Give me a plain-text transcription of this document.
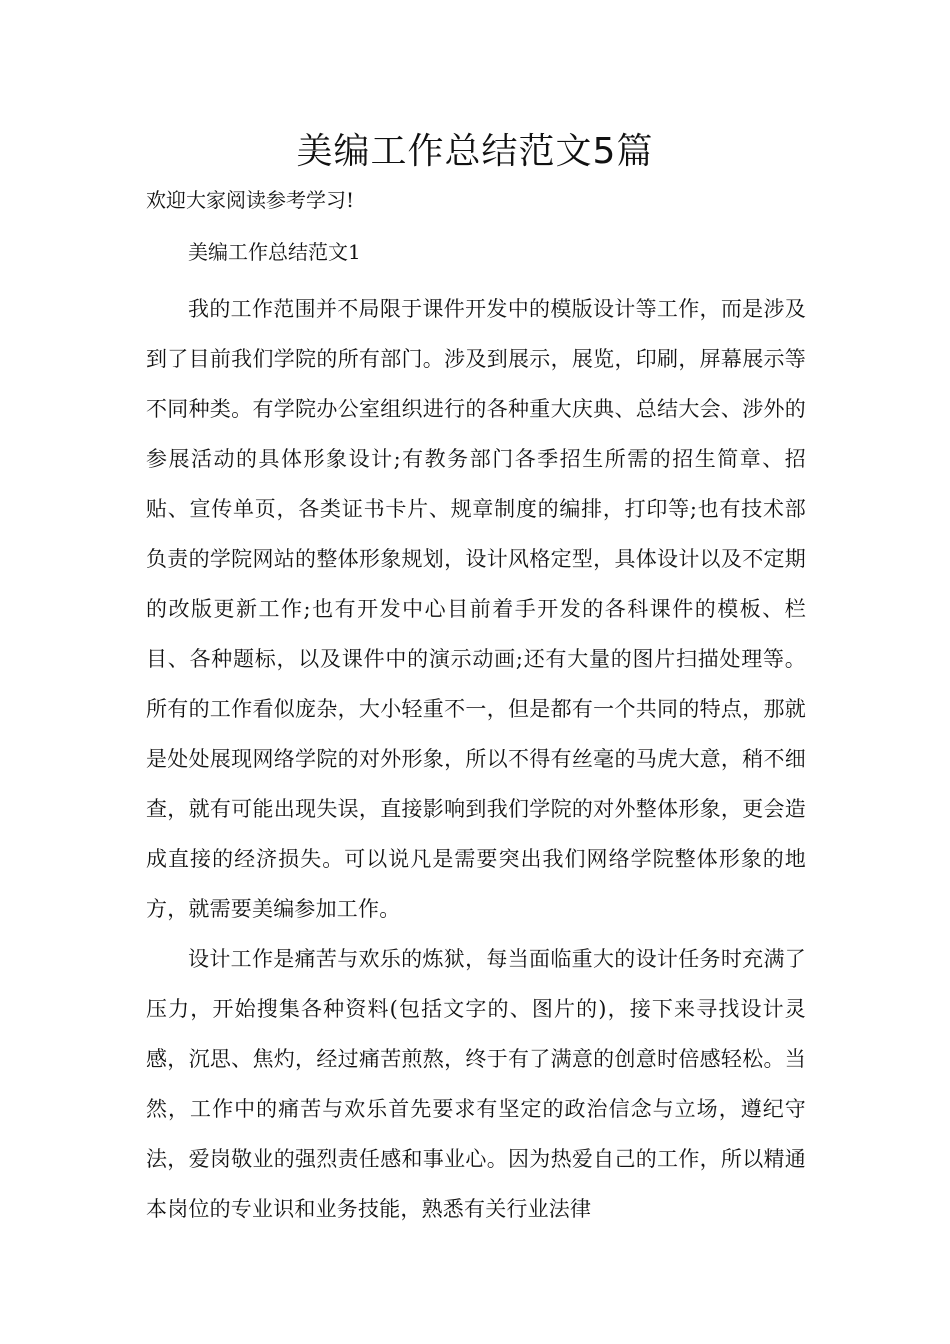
美编工作总结范文5篇

欢迎大家阅读参考学习!

美编工作总结范文1

我的工作范围并不局限于课件开发中的模版设计等工作，而是涉及到了目前我们学院的所有部门。涉及到展示，展览，印刷，屏幕展示等不同种类。有学院办公室组织进行的各种重大庆典、总结大会、涉外的参展活动的具体形象设计;有教务部门各季招生所需的招生简章、招贴、宣传单页，各类证书卡片、规章制度的编排，打印等;也有技术部负责的学院网站的整体形象规划，设计风格定型，具体设计以及不定期的改版更新工作;也有开发中心目前着手开发的各科课件的模板、栏目、各种题标，以及课件中的演示动画;还有大量的图片扫描处理等。所有的工作看似庞杂，大小轻重不一，但是都有一个共同的特点，那就是处处展现网络学院的对外形象，所以不得有丝毫的马虎大意，稍不细查，就有可能出现失误，直接影响到我们学院的对外整体形象，更会造成直接的经济损失。可以说凡是需要突出我们网络学院整体形象的地方，就需要美编参加工作。

设计工作是痛苦与欢乐的炼狱，每当面临重大的设计任务时充满了压力，开始搜集各种资料(包括文字的、图片的)，接下来寻找设计灵感，沉思、焦灼，经过痛苦煎熬，终于有了满意的创意时倍感轻松。当然，工作中的痛苦与欢乐首先要求有坚定的政治信念与立场，遵纪守法，爱岗敬业的强烈责任感和事业心。因为热爱自己的工作，所以精通本岗位的专业识和业务技能，熟悉有关行业法律
